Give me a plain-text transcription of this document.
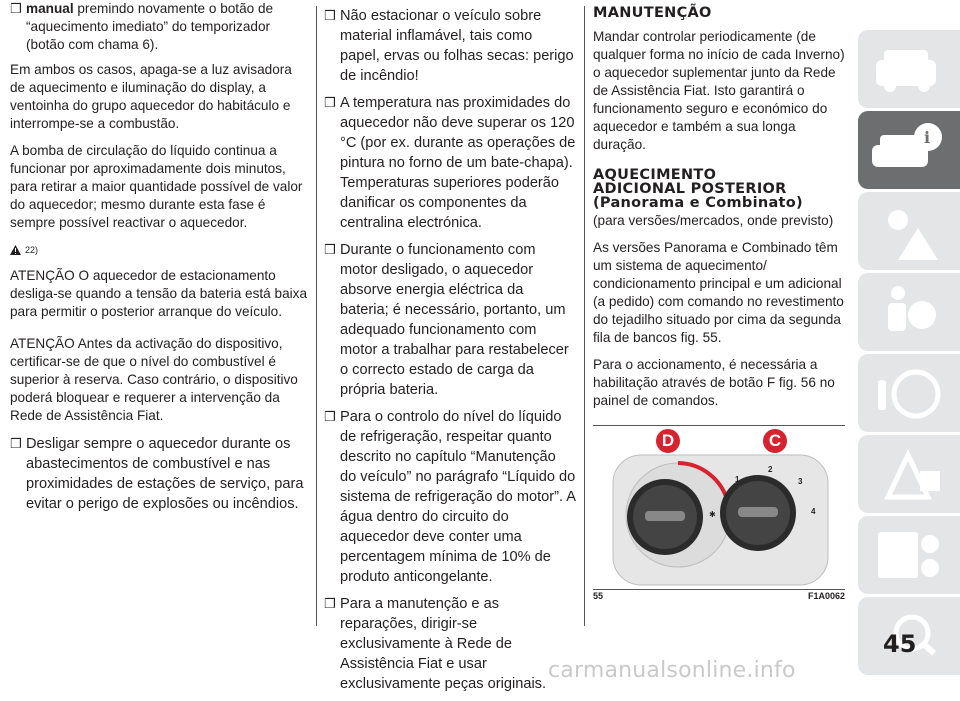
❒ manual premindo novamente o botão de “aquecimento imediato” do temporizador (botão com chama 6).

Em ambos os casos, apaga-se a luz avisadora de aquecimento e iluminação do display, a ventoinha do grupo aquecedor do habitáculo e interrompe-se a combustão.

A bomba de circulação do líquido continua a funcionar por aproximadamente dois minutos, para retirar a maior quantidade possível de valor do aquecedor; mesmo durante esta fase é sempre possível reactivar o aquecedor.

22)

ATENÇÃO O aquecedor de estacionamento desliga-se quando a tensão da bateria está baixa para permitir o posterior arranque do veículo.

ATENÇÃO Antes da activação do dispositivo, certificar-se de que o nível do combustível é superior à reserva. Caso contrário, o dispositivo poderá bloquear e requerer a intervenção da Rede de Assistência Fiat.

❒ Desligar sempre o aquecedor durante os abastecimentos de combustível e nas proximidades de estações de serviço, para evitar o perigo de explosões ou incêndios.
❒ Não estacionar o veículo sobre material inflamável, tais como papel, ervas ou folhas secas: perigo de incêndio!
❒ A temperatura nas proximidades do aquecedor não deve superar os 120 °C (por ex. durante as operações de pintura no forno de um bate-chapa). Temperaturas superiores poderão danificar os componentes da centralina electrónica.
❒ Durante o funcionamento com motor desligado, o aquecedor absorve energia eléctrica da bateria; é necessário, portanto, um adequado funcionamento com motor a trabalhar para restabelecer o correcto estado de carga da própria bateria.
❒ Para o controlo do nível do líquido de refrigeração, respeitar quanto descrito no capítulo “Manutenção do veículo” no parágrafo “Líquido do sistema de refrigeração do motor”. A água dentro do circuito do aquecedor deve conter uma percentagem mínima de 10% de produto anticongelante.
❒ Para a manutenção e as reparações, dirigir-se exclusivamente à Rede de Assistência Fiat e usar exclusivamente peças originais.
MANUTENÇÃO

Mandar controlar periodicamente (de qualquer forma no início de cada Inverno) o aquecedor suplementar junto da Rede de Assistência Fiat. Isto garantirá o funcionamento seguro e económico do aquecedor e também a sua longa duração.

AQUECIMENTO
ADICIONAL POSTERIOR
(Panorama e Combinato)

(para versões/mercados, onde previsto)

As versões Panorama e Combinado têm um sistema de aquecimento/ condicionamento principal e um adicional (a pedido) com comando no revestimento do tejadilho situado por cima da segunda fila de bancos fig. 55.

Para o accionamento, é necessária a habilitação através de botão F fig. 56 no painel de comandos.

✱
D	C
1
2
3
4
55	F1A0062
i
45
carmanualsonline.info
